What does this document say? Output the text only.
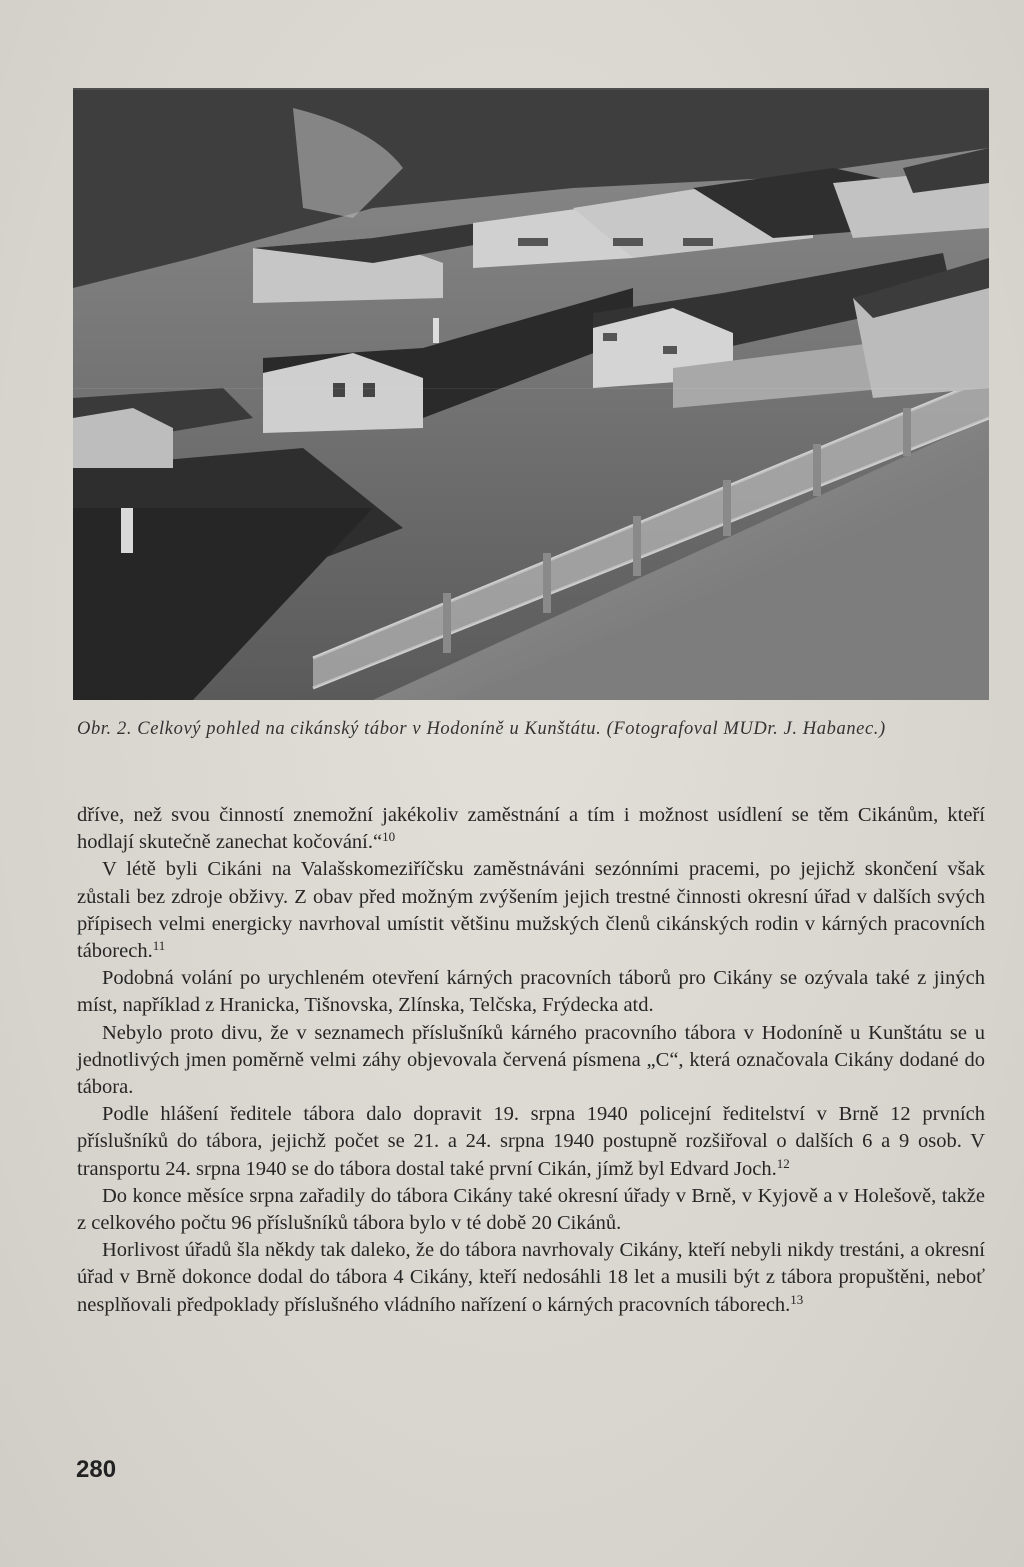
Obr. 2. Celkový pohled na cikánský tábor v Hodoníně u Kunštátu. (Fotografoval MUDr. J. Habanec.)

dříve, než svou činností znemožní jakékoliv zaměstnání a tím i možnost usídlení se těm Cikánům, kteří hodlají skutečně zanechat kočování.“$^{10}$

V létě byli Cikáni na Valašskomeziříčsku zaměstnáváni sezónními pracemi, po jejichž skončení však zůstali bez zdroje obživy. Z obav před možným zvýšením jejich trestné činnosti okresní úřad v dalších svých přípisech velmi energicky navrhoval umístit většinu mužských členů cikánských rodin v kárných pracovních táborech.$^{11}$

Podobná volání po urychleném otevření kárných pracovních táborů pro Cikány se ozývala také z jiných míst, například z Hranicka, Tišnovska, Zlínska, Telčska, Frýdecka atd.

Nebylo proto divu, že v seznamech příslušníků kárného pracovního tábora v Hodoníně u Kunštátu se u jednotlivých jmen poměrně velmi záhy objevovala červená písmena „C“, která označovala Cikány dodané do tábora.

Podle hlášení ředitele tábora dalo dopravit 19. srpna 1940 policejní ředitelství v Brně 12 prvních příslušníků do tábora, jejichž počet se 21. a 24. srpna 1940 postupně rozšiřoval o dalších 6 a 9 osob. V transportu 24. srpna 1940 se do tábora dostal také první Cikán, jímž byl Edvard Joch.$^{12}$

Do konce měsíce srpna zařadily do tábora Cikány také okresní úřady v Brně, v Kyjově a v Holešově, takže z celkového počtu 96 příslušníků tábora bylo v té době 20 Cikánů.

Horlivost úřadů šla někdy tak daleko, že do tábora navrhovaly Cikány, kteří nebyli nikdy trestáni, a okresní úřad v Brně dokonce dodal do tábora 4 Cikány, kteří nedosáhli 18 let a musili být z tábora propuštěni, neboť nesplňovali předpoklady příslušného vládního nařízení o kárných pracovních táborech.$^{13}$

280
